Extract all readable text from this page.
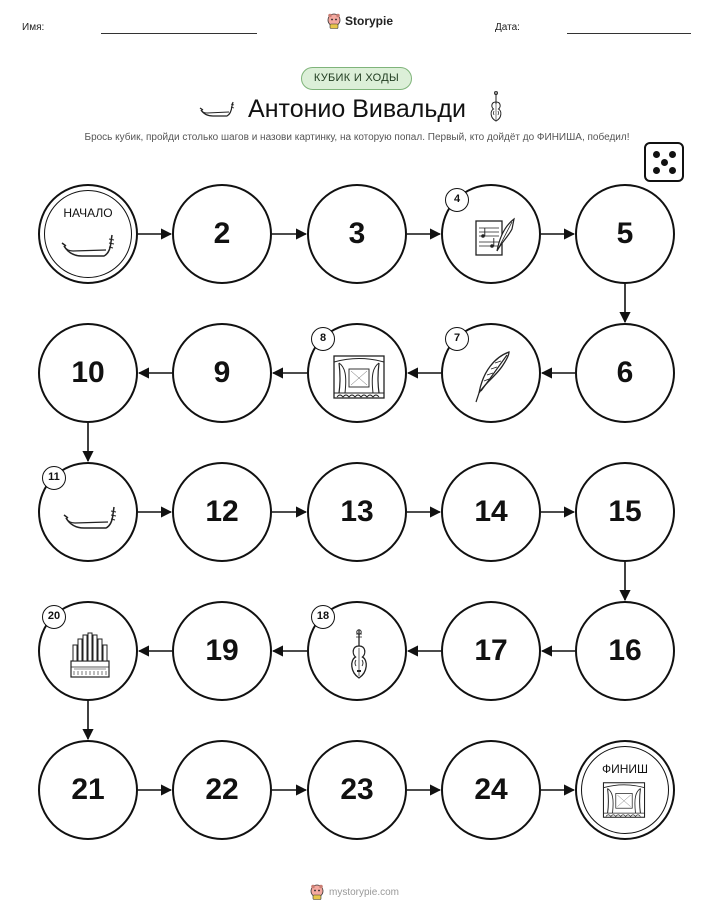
Имя:	Дата:
Storypie
КУБИК И ХОДЫ
Антонио Вивальди
Брось кубик, пройди столько шагов и назови картинку, на которую попал. Первый, кто дойдёт до ФИНИША, победил!
НАЧАЛО
2	3
4
5
6
7
8
9
10
11
12	13	14	15
16
17
18
19
20
21	22	23	24
ФИНИШ
mystorypie.com
